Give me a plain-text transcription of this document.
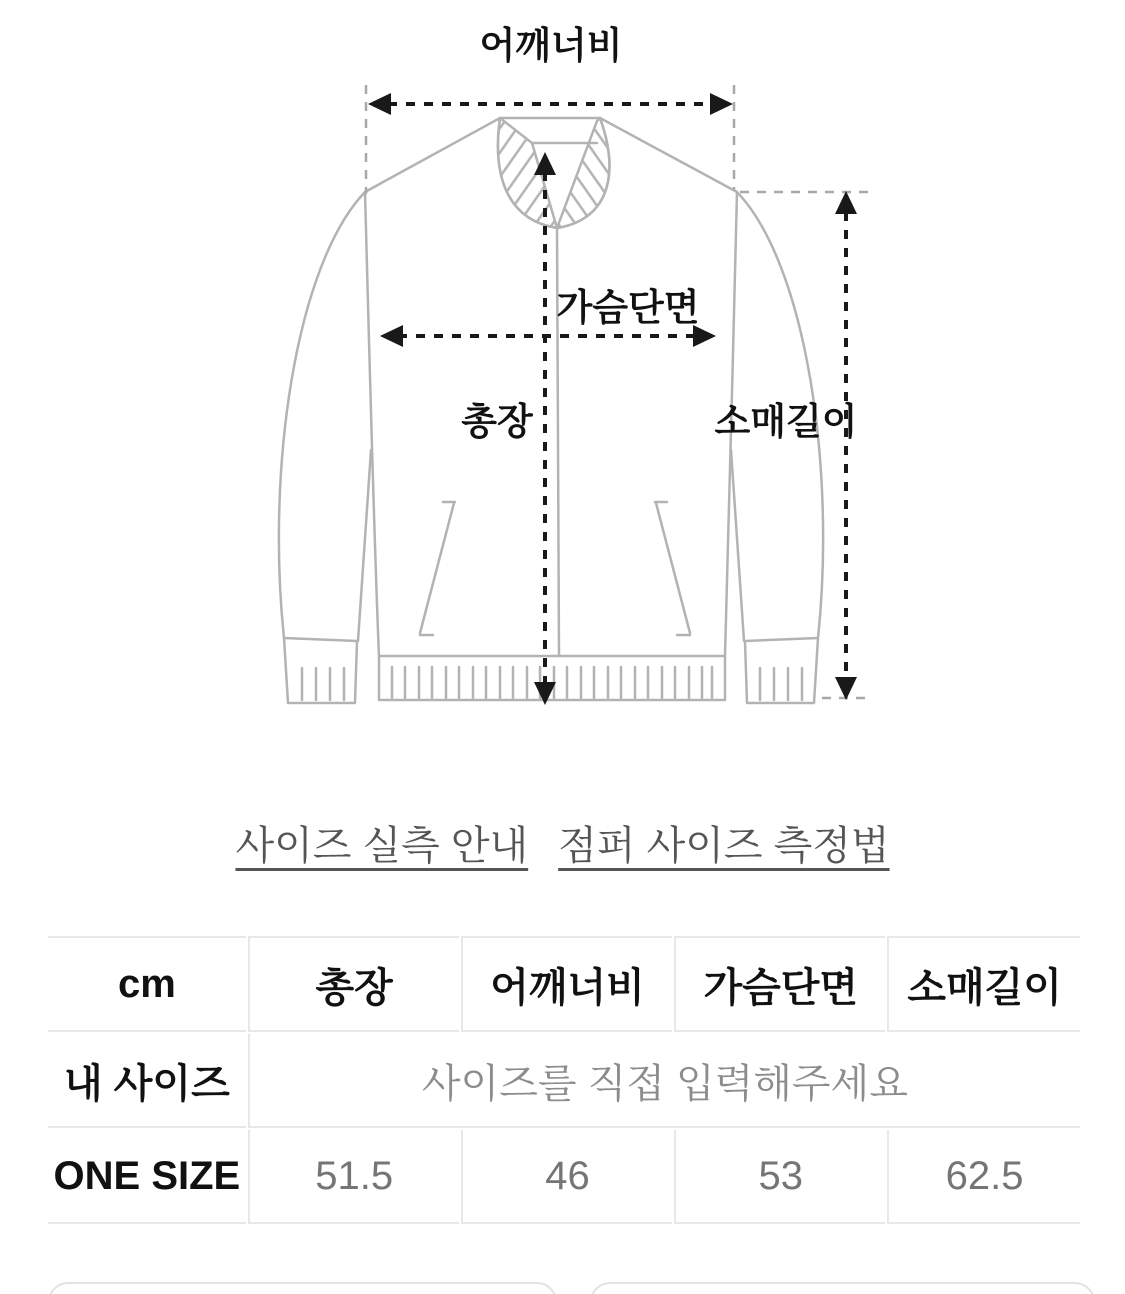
어깨너비
가슴단면
총장	소매길이
사이즈 실측 안내 점퍼 사이즈 측정법
cm	총장	어깨너비	가슴단면	소매길이
내 사이즈	사이즈를 직접 입력해주세요			
ONE SIZE	51.5	46	53	62.5
